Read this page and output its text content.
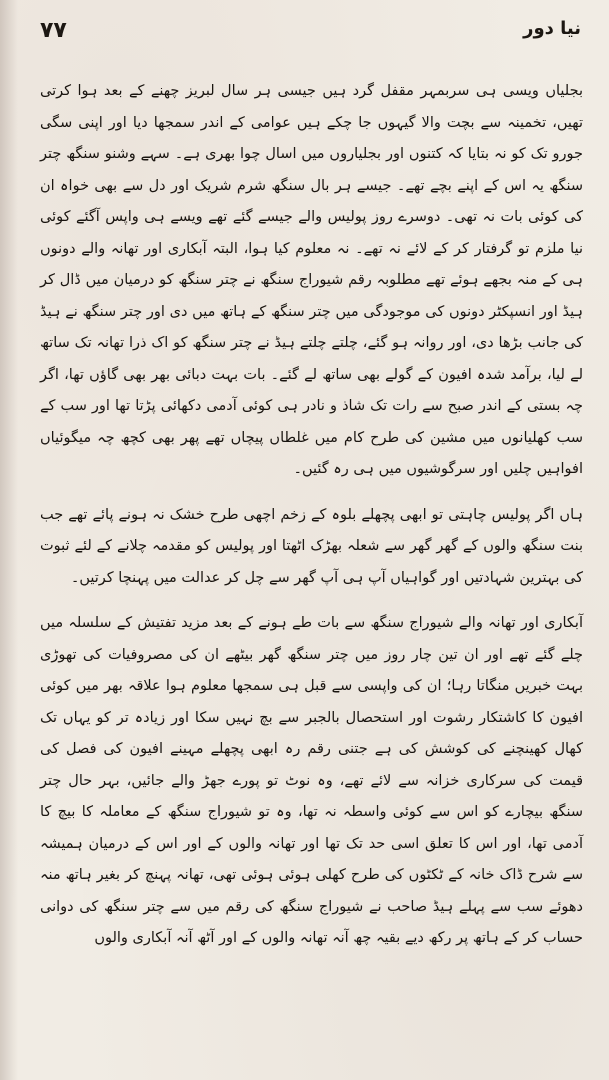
۷۷	نیا دور

بجلیاں ویسی ہی سربمہر مقفل گرد ہیں جیسی ہر سال لبریز چھنے کے بعد ہوا کرتی تھیں، تخمینہ سے بچت والا گیہوں جا چکے ہیں عوامی کے اندر سمجھا دیا اور اپنی سگی جورو تک کو نہ بتایا کہ کتنوں اور بجلیاروں میں اسال چوا بھری ہے۔ سہے وشنو سنگھ چتر سنگھ یہ اس کے اپنے بچے تھے۔ جیسے ہر بال سنگھ شرم شریک اور دل سے بھی خواہ ان کی کوئی بات نہ تھی۔ دوسرے روز پولیس والے جیسے گئے تھے ویسے ہی واپس آگئے کوئی نیا ملزم تو گرفتار کر کے لائے نہ تھے۔ نہ معلوم کیا ہوا، البتہ آبکاری اور تھانہ والے دونوں ہی کے منہ بجھے ہوئے تھے مطلوبہ رقم شیوراج سنگھ نے چتر سنگھ کو درمیان میں ڈال کر ہیڈ اور انسپکٹر دونوں کی موجودگی میں چتر سنگھ کے ہاتھ میں دی اور چتر سنگھ نے ہیڈ کی جانب بڑھا دی، اور روانہ ہو گئے، چلتے چلتے ہیڈ نے چتر سنگھ کو اک ذرا تھانہ تک ساتھ لے لیا، برآمد شدہ افیون کے گولے بھی ساتھ لے گئے۔ بات بہت دبائی بھر بھی گاؤں تھا، اگر چہ بستی کے اندر صبح سے رات تک شاذ و نادر ہی کوئی آدمی دکھائی پڑتا تھا اور سب کے سب کھلیانوں میں مشین کی طرح کام میں غلطاں پیچاں تھے پھر بھی کچھ چہ میگوئیاں افواہیں چلیں اور سرگوشیوں میں ہی رہ گئیں۔

ہاں اگر پولیس چاہتی تو ابھی پچھلے بلوہ کے زخم اچھی طرح خشک نہ ہونے پائے تھے جب بنت سنگھ والوں کے گھر گھر سے شعلہ بھڑک اٹھتا اور پولیس کو مقدمہ چلانے کے لئے ثبوت کی بہترین شہادتیں اور گواہیاں آپ ہی آپ گھر سے چل کر عدالت میں پہنچا کرتیں۔

آبکاری اور تھانہ والے شیوراج سنگھ سے بات طے ہونے کے بعد مزید تفتیش کے سلسلہ میں چلے گئے تھے اور ان تین چار روز میں چتر سنگھ گھر بیٹھے ان کی مصروفیات کی تھوڑی بہت خبریں منگاتا رہا؛ ان کی واپسی سے قبل ہی سمجھا معلوم ہوا علاقہ بھر میں کوئی افیون کا کاشتکار رشوت اور استحصال بالجبر سے بچ نہیں سکا اور زیادہ تر کو یہاں تک کھال کھینچنے کی کوشش کی ہے جتنی رقم رہ ابھی پچھلے مہینے افیون کی فصل کی قیمت کی سرکاری خزانہ سے لائے تھے، وہ نوٹ تو پورے جھڑ والے جائیں، بہر حال چتر سنگھ بیچارے کو اس سے کوئی واسطہ نہ تھا، وہ تو شیوراج سنگھ کے معاملہ کا بیچ کا آدمی تھا، اور اس کا تعلق اسی حد تک تھا اور تھانہ والوں کے اور اس کے درمیان ہمیشہ سے شرح ڈاک خانہ کے ٹکٹوں کی طرح کھلی ہوئی ہوئی تھی، تھانہ پہنچ کر بغیر ہاتھ منہ دھوئے سب سے پہلے ہیڈ صاحب نے شیوراج سنگھ کی رقم میں سے چتر سنگھ کی دوانی حساب کر کے ہاتھ پر رکھ دیے بقیہ چھ آنہ تھانہ والوں کے اور آٹھ آنہ آبکاری والوں
